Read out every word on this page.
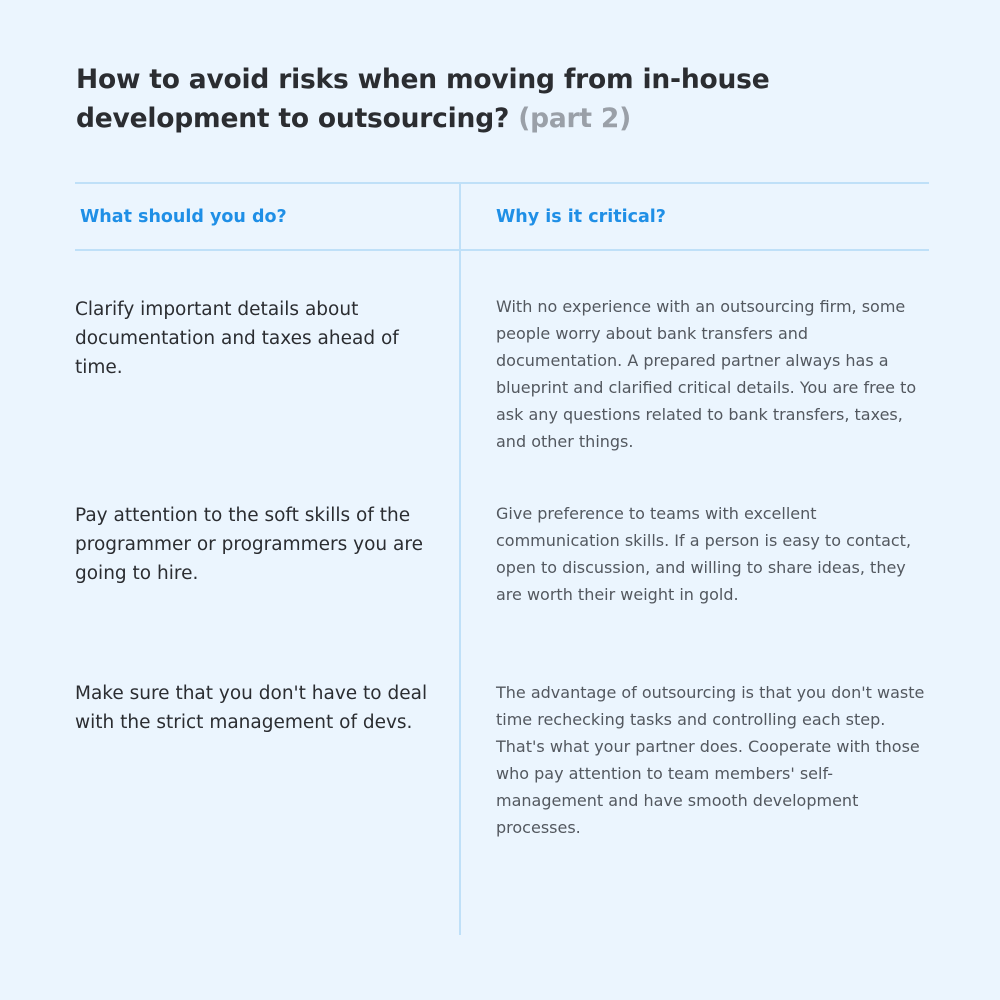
How to avoid risks when moving from in-house development to outsourcing? (part 2)
What should you do?	Why is it critical?
Clarify important details about documentation and taxes ahead of time.
With no experience with an outsourcing firm, some people worry about bank transfers and documentation. A prepared partner always has a blueprint and clarified critical details. You are free to ask any questions related to bank transfers, taxes, and other things.
Pay attention to the soft skills of the programmer or programmers you are going to hire.
Give preference to teams with excellent communication skills. If a person is easy to contact, open to discussion, and willing to share ideas, they are worth their weight in gold.
Make sure that you don't have to deal with the strict management of devs.
The advantage of outsourcing is that you don't waste time rechecking tasks and controlling each step. That's what your partner does. Cooperate with those who pay attention to team members' self-management and have smooth development processes.
